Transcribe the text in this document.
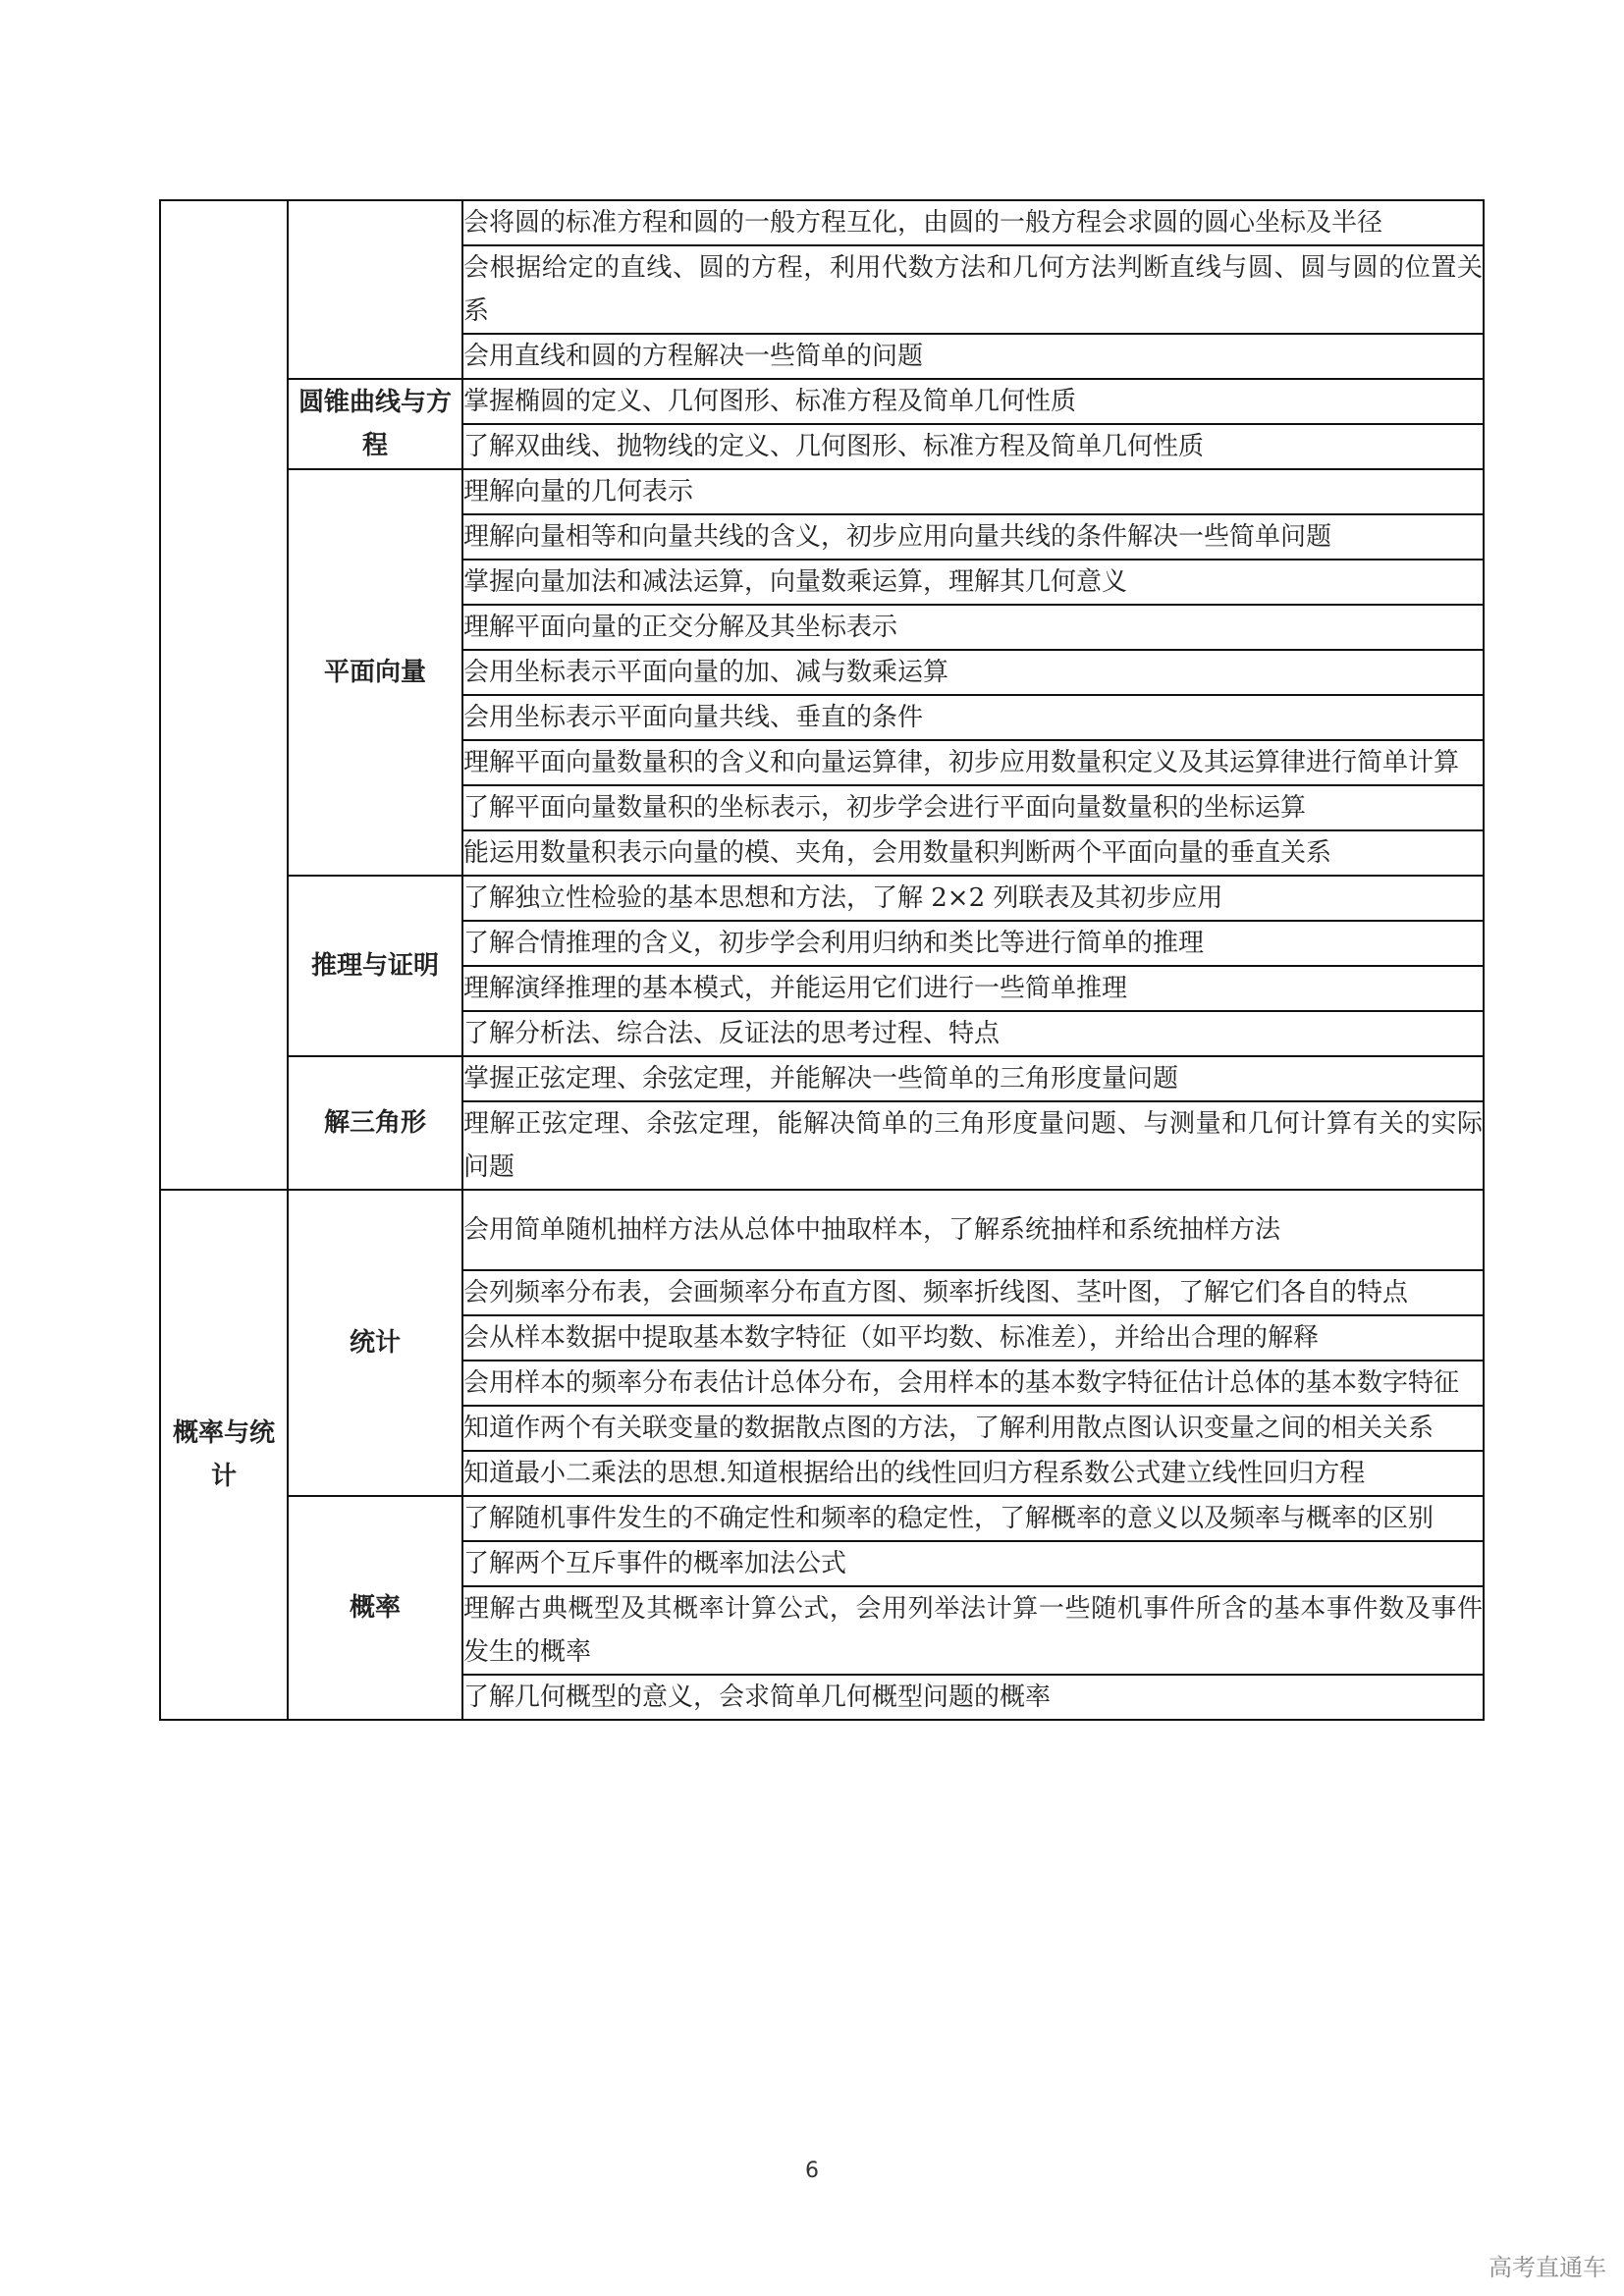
		会将圆的标准方程和圆的一般方程互化，由圆的一般方程会求圆的圆心坐标及半径
		会根据给定的直线、圆的方程，利用代数方法和几何方法判断直线与圆、圆与圆的位置关系
		会用直线和圆的方程解决一些简单的问题
	圆锥曲线与方程	掌握椭圆的定义、几何图形、标准方程及简单几何性质
		了解双曲线、抛物线的定义、几何图形、标准方程及简单几何性质
	平面向量	理解向量的几何表示
		理解向量相等和向量共线的含义，初步应用向量共线的条件解决一些简单问题
		掌握向量加法和减法运算，向量数乘运算，理解其几何意义
		理解平面向量的正交分解及其坐标表示
		会用坐标表示平面向量的加、减与数乘运算
		会用坐标表示平面向量共线、垂直的条件
		理解平面向量数量积的含义和向量运算律，初步应用数量积定义及其运算律进行简单计算
		了解平面向量数量积的坐标表示，初步学会进行平面向量数量积的坐标运算
		能运用数量积表示向量的模、夹角，会用数量积判断两个平面向量的垂直关系
	推理与证明	了解独立性检验的基本思想和方法，了解 2×2 列联表及其初步应用
		了解合情推理的含义，初步学会利用归纳和类比等进行简单的推理
		理解演绎推理的基本模式，并能运用它们进行一些简单推理
		了解分析法、综合法、反证法的思考过程、特点
	解三角形	掌握正弦定理、余弦定理，并能解决一些简单的三角形度量问题
		理解正弦定理、余弦定理，能解决简单的三角形度量问题、与测量和几何计算有关的实际问题
概率与统计	统计	会用简单随机抽样方法从总体中抽取样本，了解系统抽样和系统抽样方法
		会列频率分布表，会画频率分布直方图、频率折线图、茎叶图，了解它们各自的特点
		会从样本数据中提取基本数字特征（如平均数、标准差），并给出合理的解释
		会用样本的频率分布表估计总体分布，会用样本的基本数字特征估计总体的基本数字特征
		知道作两个有关联变量的数据散点图的方法，了解利用散点图认识变量之间的相关关系
		知道最小二乘法的思想.知道根据给出的线性回归方程系数公式建立线性回归方程
	概率	了解随机事件发生的不确定性和频率的稳定性，了解概率的意义以及频率与概率的区别
		了解两个互斥事件的概率加法公式
		理解古典概型及其概率计算公式，会用列举法计算一些随机事件所含的基本事件数及事件发生的概率
		了解几何概型的意义，会求简单几何概型问题的概率
6
高考直通车
